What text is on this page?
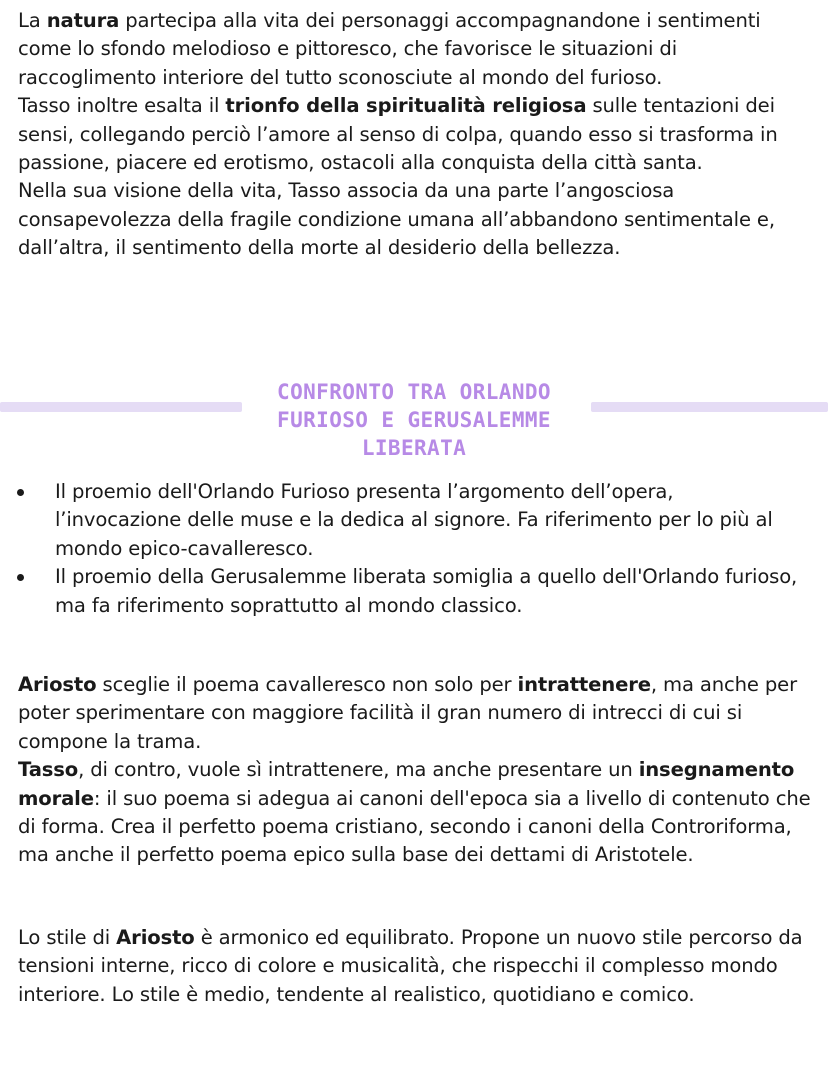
La natura partecipa alla vita dei personaggi accompagnandone i sentimenti come lo sfondo melodioso e pittoresco, che favorisce le situazioni di raccoglimento interiore del tutto sconosciute al mondo del furioso.
Tasso inoltre esalta il trionfo della spiritualità religiosa sulle tentazioni dei sensi, collegando perciò l’amore al senso di colpa, quando esso si trasforma in passione, piacere ed erotismo, ostacoli alla conquista della città santa.
Nella sua visione della vita, Tasso associa da una parte l’angosciosa consapevolezza della fragile condizione umana all’abbandono sentimentale e, dall’altra, il sentimento della morte al desiderio della bellezza.

CONFRONTO TRA ORLANDO
FURIOSO E GERUSALEMME
LIBERATA
Il proemio dell'Orlando Furioso presenta l’argomento dell’opera, l’invocazione delle muse e la dedica al signore. Fa riferimento per lo più al mondo epico-cavalleresco.
Il proemio della Gerusalemme liberata somiglia a quello dell'Orlando furioso, ma fa riferimento soprattutto al mondo classico.

Ariosto sceglie il poema cavalleresco non solo per intrattenere, ma anche per poter sperimentare con maggiore facilità il gran numero di intrecci di cui si compone la trama.
Tasso, di contro, vuole sì intrattenere, ma anche presentare un insegnamento morale: il suo poema si adegua ai canoni dell'epoca sia a livello di contenuto che di forma. Crea il perfetto poema cristiano, secondo i canoni della Controriforma, ma anche il perfetto poema epico sulla base dei dettami di Aristotele.

Lo stile di Ariosto è armonico ed equilibrato. Propone un nuovo stile percorso da tensioni interne, ricco di colore e musicalità, che rispecchi il complesso mondo interiore. Lo stile è medio, tendente al realistico, quotidiano e comico.
